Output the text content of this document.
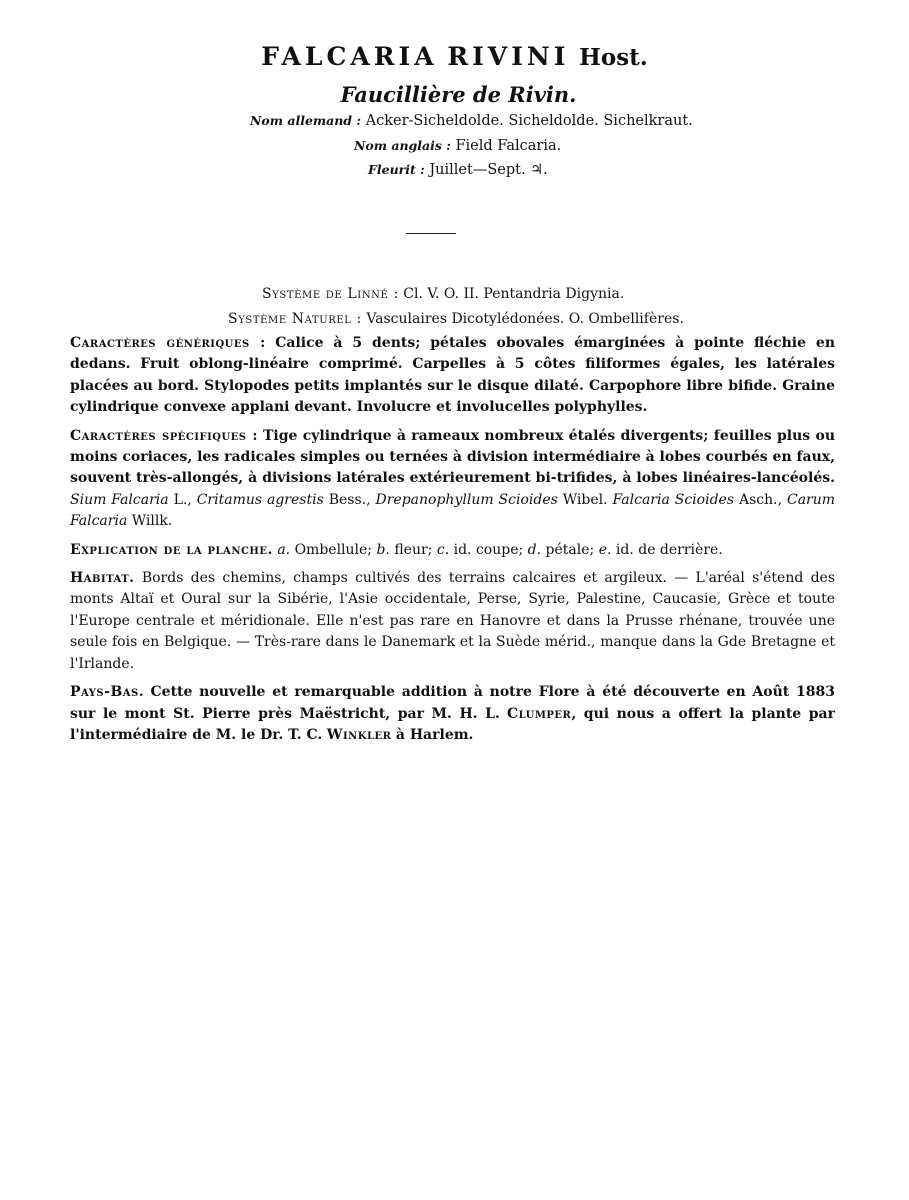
FALCARIA RIVINI Host.
Faucillière de Rivin.
Nom allemand : Acker-Sicheldolde. Sicheldolde. Sichelkraut.
Nom anglais : Field Falcaria.
Fleurit : Juillet—Sept. ♃.
Système de Linné : Cl. V. O. II. Pentandria Digynia.
Système Naturel : Vasculaires Dicotylédonées. O. Ombellifères.

Caractères génériques : Calice à 5 dents; pétales obovales émarginées à pointe fléchie en dedans. Fruit oblong-linéaire comprimé. Carpelles à 5 côtes filiformes égales, les latérales placées au bord. Stylopodes petits implantés sur le disque dilaté. Carpophore libre bifide. Graine cylindrique convexe applani devant. Involucre et involucelles polyphylles.

Caractères spécifiques : Tige cylindrique à rameaux nombreux étalés divergents; feuilles plus ou moins coriaces, les radicales simples ou ternées à division intermédiaire à lobes courbés en faux, souvent très-allongés, à divisions latérales extérieurement bi-trifides, à lobes linéaires-lancéolés. Sium Falcaria L., Critamus agrestis Bess., Drepanophyllum Scioides Wibel. Falcaria Scioides Asch., Carum Falcaria Willk.

Explication de la planche. a. Ombellule; b. fleur; c. id. coupe; d. pétale; e. id. de derrière.

Habitat. Bords des chemins, champs cultivés des terrains calcaires et argileux. — L'aréal s'étend des monts Altaï et Oural sur la Sibérie, l'Asie occidentale, Perse, Syrie, Palestine, Caucasie, Grèce et toute l'Europe centrale et méridionale. Elle n'est pas rare en Hanovre et dans la Prusse rhénane, trouvée une seule fois en Belgique. — Très-rare dans le Danemark et la Suède mérid., manque dans la Gde Bretagne et l'Irlande.

Pays-Bas. Cette nouvelle et remarquable addition à notre Flore à été découverte en Août 1883 sur le mont St. Pierre près Maëstricht, par M. H. L. Clumper, qui nous a offert la plante par l'intermédiaire de M. le Dr. T. C. Winkler à Harlem.
